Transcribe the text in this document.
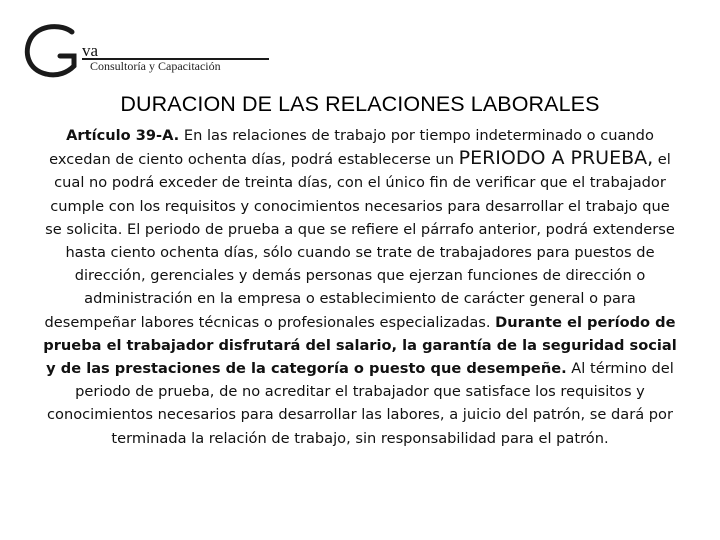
va
Consultoría y Capacitación
DURACION DE LAS RELACIONES LABORALES

Artículo 39-A. En las relaciones de trabajo por tiempo indeterminado o cuando excedan de ciento ochenta días, podrá establecerse un PERIODO A PRUEBA, el cual no podrá exceder de treinta días, con el único fin de verificar que el trabajador cumple con los requisitos y conocimientos necesarios para desarrollar el trabajo que se solicita. El periodo de prueba a que se refiere el párrafo anterior, podrá extenderse hasta ciento ochenta días, sólo cuando se trate de trabajadores para puestos de dirección, gerenciales y demás personas que ejerzan funciones de dirección o administración en la empresa o establecimiento de carácter general o para desempeñar labores técnicas o profesionales especializadas. Durante el período de prueba el trabajador disfrutará del salario, la garantía de la seguridad social y de las prestaciones de la categoría o puesto que desempeñe. Al término del periodo de prueba, de no acreditar el trabajador que satisface los requisitos y conocimientos necesarios para desarrollar las labores, a juicio del patrón, se dará por terminada la relación de trabajo, sin responsabilidad para el patrón.
